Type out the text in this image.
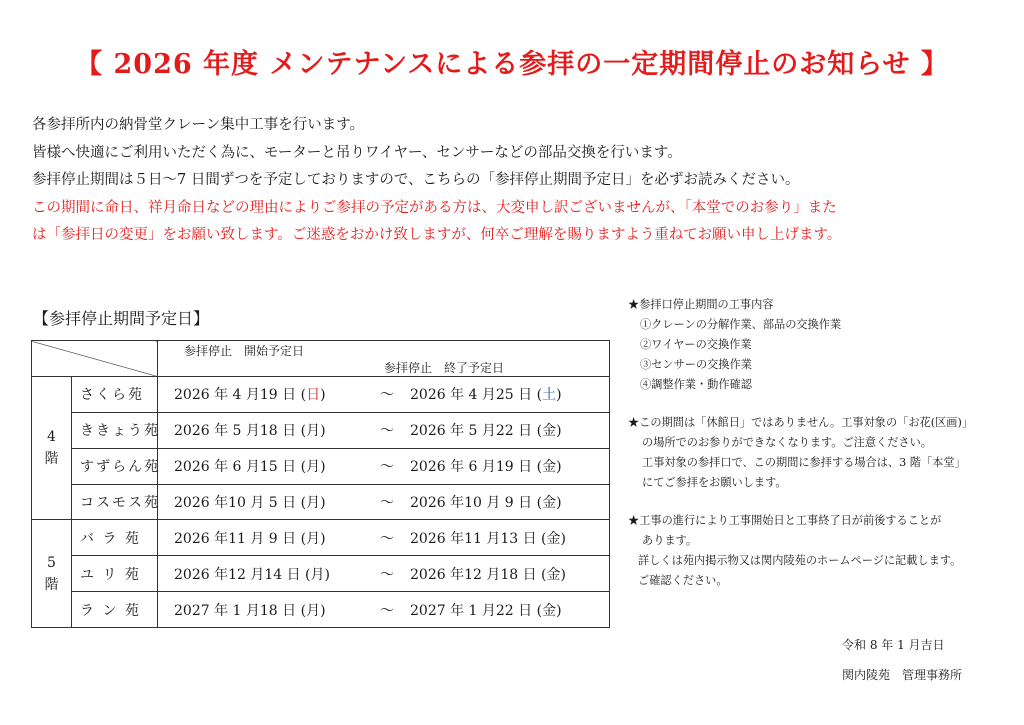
【 2026 年度 メンテナンスによる参拝の一定期間停止のお知らせ 】
各参拝所内の納骨堂クレーン集中工事を行います。
皆様へ快適にご利用いただく為に、モーターと吊りワイヤー、センサーなどの部品交換を行います。
参拝停止期間は５日〜7 日間ずつを予定しておりますので、こちらの「参拝停止期間予定日」を必ずお読みください。
この期間に命日、祥月命日などの理由によりご参拝の予定がある方は、大変申し訳ございませんが、「本堂でのお参り」また
は「参拝日の変更」をお願い致します。ご迷惑をおかけ致しますが、何卒ご理解を賜りますよう重ねてお願い申し上げます。
【参拝停止期間予定日】
		参拝停止　開始予定日 参拝停止　終了予定日
4
階	さくら苑	2026 年 4 月19 日 (日) 〜 2026 年 4 月25 日 (土)
	ききょう苑	2026 年 5 月18 日 (月) 〜 2026 年 5 月22 日 (金)
	すずらん苑	2026 年 6 月15 日 (月) 〜 2026 年 6 月19 日 (金)
	コスモス苑	2026 年10 月 5 日 (月) 〜 2026 年10 月 9 日 (金)
5
階	バ ラ 苑	2026 年11 月 9 日 (月) 〜 2026 年11 月13 日 (金)
	ユ リ 苑	2026 年12 月14 日 (月) 〜 2026 年12 月18 日 (金)
	ラ ン 苑	2027 年 1 月18 日 (月) 〜 2027 年 1 月22 日 (金)
★参拝口停止期間の工事内容
①クレーンの分解作業、部品の交換作業
②ワイヤーの交換作業
③センサーの交換作業
④調整作業・動作確認
★この期間は「休館日」ではありません。工事対象の「お花(区画)」
の場所でのお参りができなくなります。ご注意ください。
工事対象の参拝口で、この期間に参拝する場合は、3 階「本堂」
にてご参拝をお願いします。
★工事の進行により工事開始日と工事終了日が前後することが
あります。
詳しくは苑内掲示物又は関内陵苑のホームページに記載します。
ご確認ください。
令和 8 年 1 月吉日
関内陵苑　管理事務所
